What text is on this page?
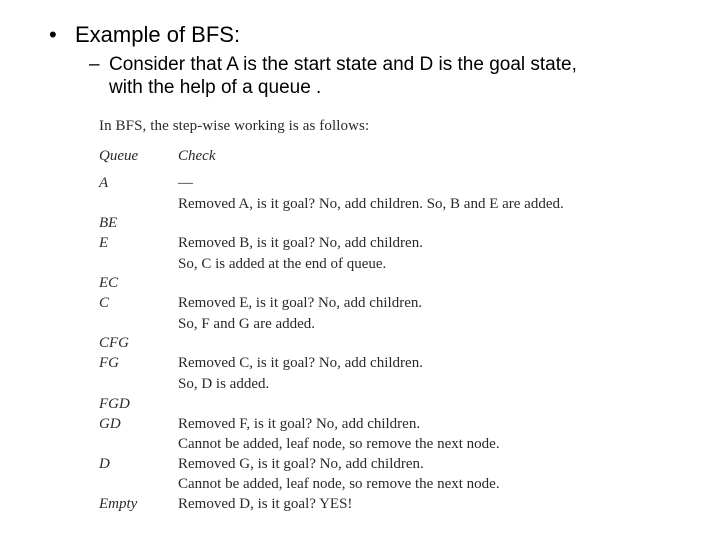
• Example of BFS:
– Consider that A is the start state and D is the goal state,
with the help of a queue .
In BFS, the step-wise working is as follows:
Queue	Check
A	—
Removed A, is it goal? No, add children. So, B and E are added.
BE
E	Removed B, is it goal? No, add children.
So, C is added at the end of queue.
EC
C	Removed E, is it goal? No, add children.
So, F and G are added.
CFG
FG	Removed C, is it goal? No, add children.
So, D is added.
FGD
GD	Removed F, is it goal? No, add children.
Cannot be added, leaf node, so remove the next node.
D	Removed G, is it goal? No, add children.
Cannot be added, leaf node, so remove the next node.
Empty	Removed D, is it goal? YES!
